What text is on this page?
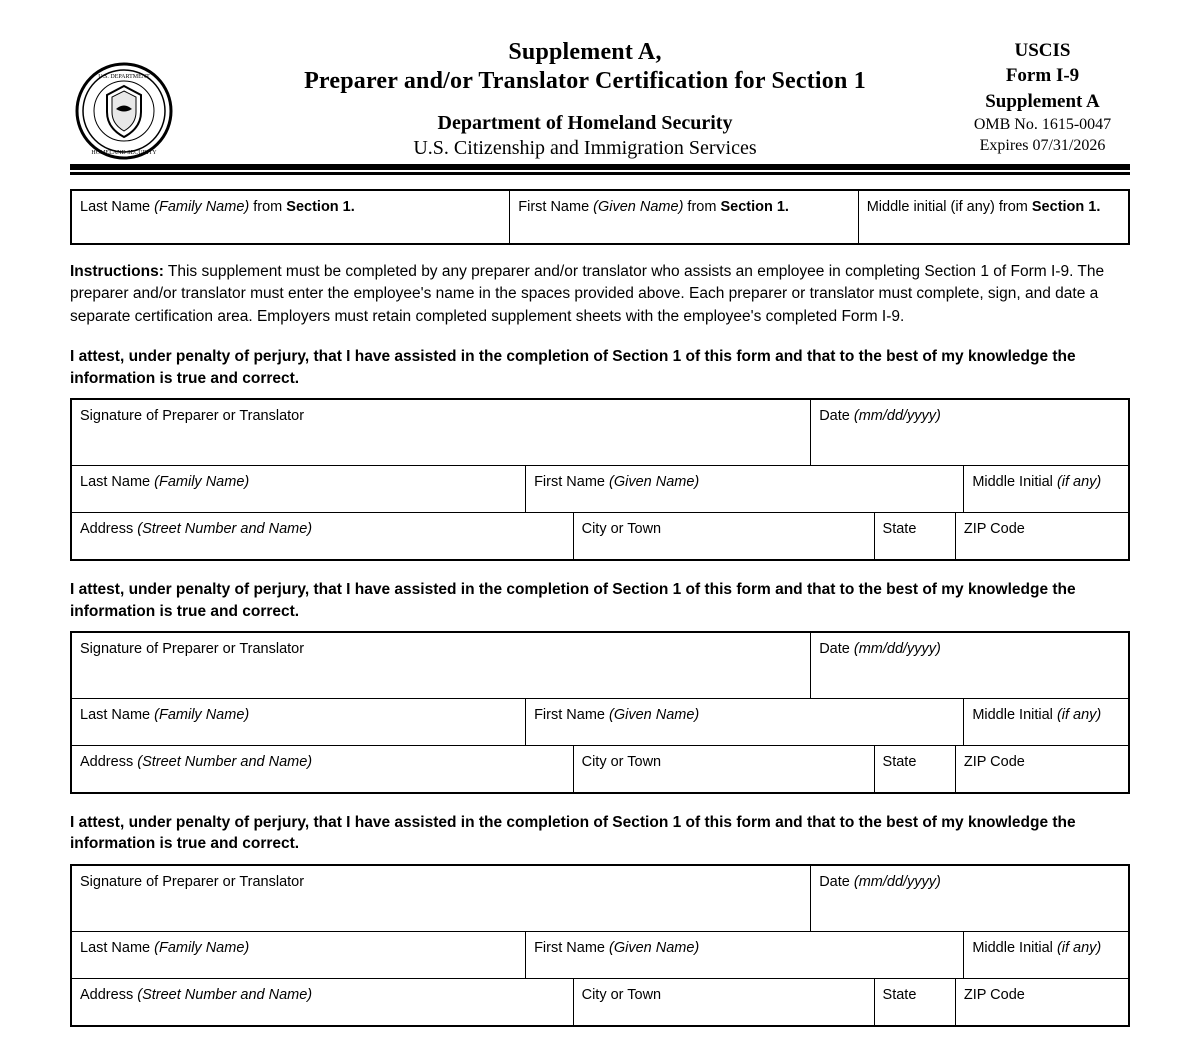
U.S. DEPARTMENT
HOMELAND SECURITY
Supplement A,
Preparer and/or Translator Certification for Section 1
Department of Homeland Security
U.S. Citizenship and Immigration Services
USCIS
Form I-9
Supplement A
OMB No. 1615-0047
Expires 07/31/2026
Last Name (Family Name) from Section 1.	First Name (Given Name) from Section 1.	Middle initial (if any) from Section 1.
Instructions: This supplement must be completed by any preparer and/or translator who assists an employee in completing Section 1 of Form I-9. The preparer and/or translator must enter the employee's name in the spaces provided above. Each preparer or translator must complete, sign, and date a separate certification area. Employers must retain completed supplement sheets with the employee's completed Form I-9.
I attest, under penalty of perjury, that I have assisted in the completion of Section 1 of this form and that to the best of my knowledge the information is true and correct.
Signature of Preparer or Translator	Date (mm/dd/yyyy)
Last Name (Family Name)	First Name (Given Name)	Middle Initial (if any)
Address (Street Number and Name)	City or Town	State	ZIP Code
I attest, under penalty of perjury, that I have assisted in the completion of Section 1 of this form and that to the best of my knowledge the information is true and correct.
Signature of Preparer or Translator	Date (mm/dd/yyyy)
Last Name (Family Name)	First Name (Given Name)	Middle Initial (if any)
Address (Street Number and Name)	City or Town	State	ZIP Code
I attest, under penalty of perjury, that I have assisted in the completion of Section 1 of this form and that to the best of my knowledge the information is true and correct.
Signature of Preparer or Translator	Date (mm/dd/yyyy)
Last Name (Family Name)	First Name (Given Name)	Middle Initial (if any)
Address (Street Number and Name)	City or Town	State	ZIP Code
